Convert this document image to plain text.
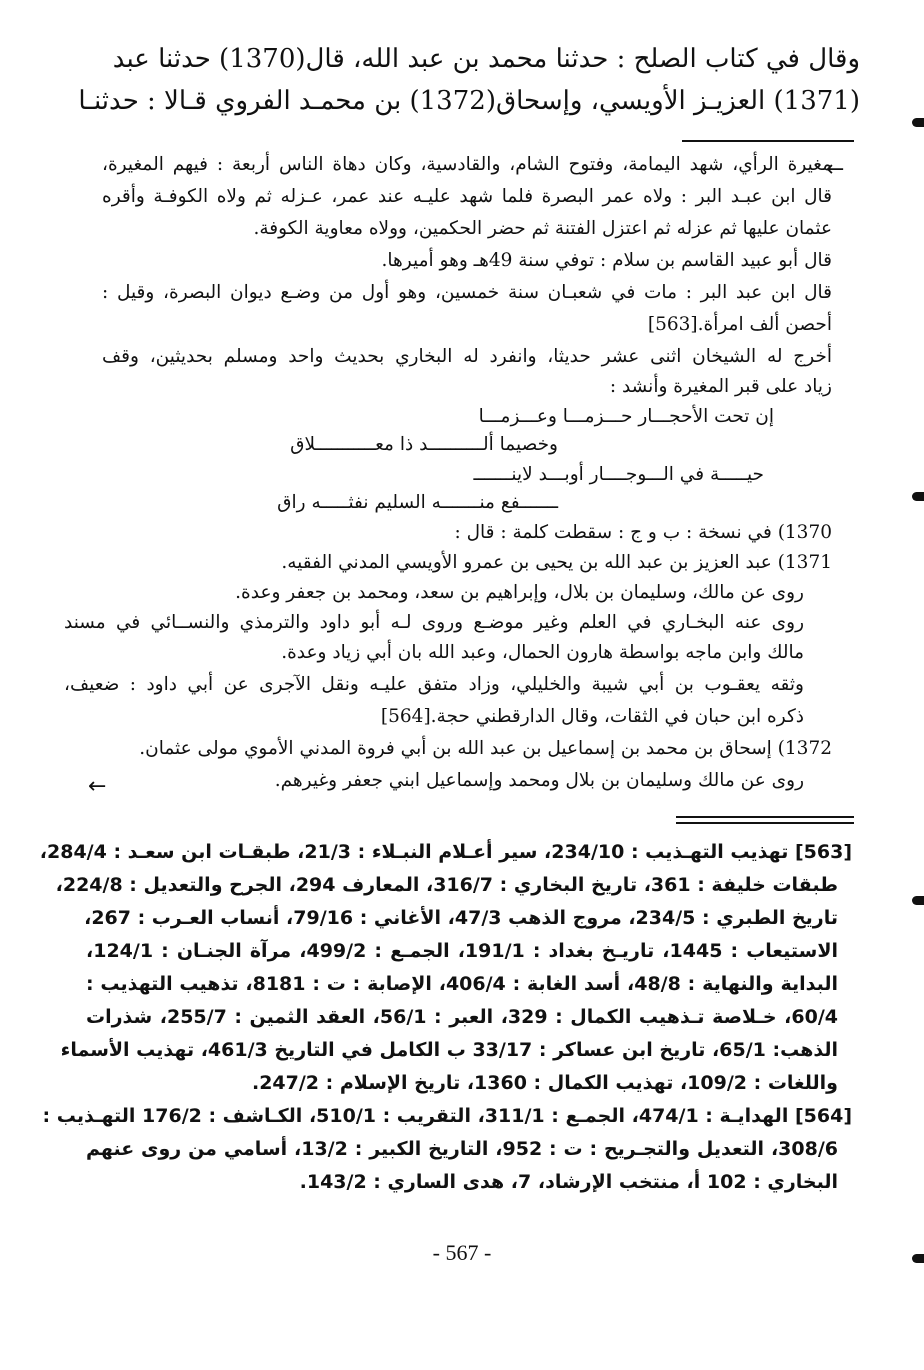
وقال في كتاب الصلح : حدثنا محمد بن عبد الله، قال(1370) حدثنا عبد
(1371) العزيـز الأويسي، وإسحاق(1372) بن محمـد الفروي قـالا : حدثنـا
←
مغيرة الرأي، شهد اليمامة، وفتوح الشام، والقادسية، وكان دهاة الناس أربعة : فيهم المغيرة،
قال ابن عبـد البر : ولاه عمر البصرة فلما شهد عليـه عند عمر، عـزله ثم ولاه الكوفـة وأقره
عثمان عليها ثم عزله ثم اعتزل الفتنة ثم حضر الحكمين، وولاه معاوية الكوفة.
قال أبو عبيد القاسم بن سلام : توفي سنة 49هـ وهو أميرها.
قال ابن عبد البر : مات في شعبـان سنة خمسين، وهو أول من وضـع ديوان البصرة، وقيل :
أحصن ألف امرأة.[563]
أخرج له الشيخان اثنى عشر حديثا، وانفرد له البخاري بحديث واحد ومسلم بحديثين، وقف
زياد على قبر المغيرة وأنشد :
إن تحت الأحجـــار حـــزمـــا وعـــزمـــا
وخصيما ألــــــــــد ذا معـــــــــــلاق
حيـــــة في الـــوجــــار أوبـــد لاينـــــــ
ـــــــفع منـــــــه السليم نفثـــــه راق
1370) في نسخة : ب و ج : سقطت كلمة : قال :
1371) عبد العزيز بن عبد الله بن يحيى بن عمرو الأويسي المدني الفقيه.
روى عن مالك، وسليمان بن بلال، وإبراهيم بن سعد، ومحمد بن جعفر وعدة.
روى عنه البخـاري في العلم وغير موضـع وروى لـه أبو داود والترمذي والنســائي في مسند
مالك وابن ماجه بواسطة هارون الحمال، وعبد الله بان أبي زياد وعدة.
وثقه يعقـوب بن أبي شيبة والخليلي، وزاد متفق عليـه ونقل الآجرى عن أبي داود : ضعيف،
ذكره ابن حبان في الثقات، وقال الدارقطني حجة.[564]
1372) إسحاق بن محمد بن إسماعيل بن عبد الله بن أبي فروة المدني الأموي مولى عثمان.
روى عن مالك وسليمان بن بلال ومحمد وإسماعيل ابني جعفر وغيرهم.
←
[563] تهذيب التهـذيب : 234/10، سير أعـلام النبـلاء : 21/3، طبقـات ابن سعـد : 284/4،
طبقات خليفة : 361، تاريخ البخاري : 316/7، المعارف 294، الجرح والتعديل : 224/8،
تاريخ الطبري : 234/5، مروج الذهب 47/3، الأغاني : 79/16، أنساب العـرب : 267،
الاستيعاب : 1445، تاريـخ بغداد : 191/1، الجمـع : 499/2، مرآة الجنـان : 124/1،
البداية والنهاية : 48/8، أسد الغابة : 406/4، الإصابة : ت : 8181، تذهيب التهذيب :
60/4، خـلاصة تـذهيب الكمال : 329، العبر : 56/1، العقد الثمين : 255/7، شذرات
الذهب: 65/1، تاريخ ابن عساكر : 33/17 ب الكامل في التاريخ 461/3، تهذيب الأسماء
واللغات : 109/2، تهذيب الكمال : 1360، تاريخ الإسلام : 247/2.
[564] الهدايـة : 474/1، الجمـع : 311/1، التقريب : 510/1، الكـاشف : 176/2 التهـذيب :
308/6، التعديل والتجـريح : ت : 952، التاريخ الكبير : 13/2، أسامي من روى عنهم
البخاري : 102 أ، منتخب الإرشاد، 7، هدى الساري : 143/2.
- 567 -
